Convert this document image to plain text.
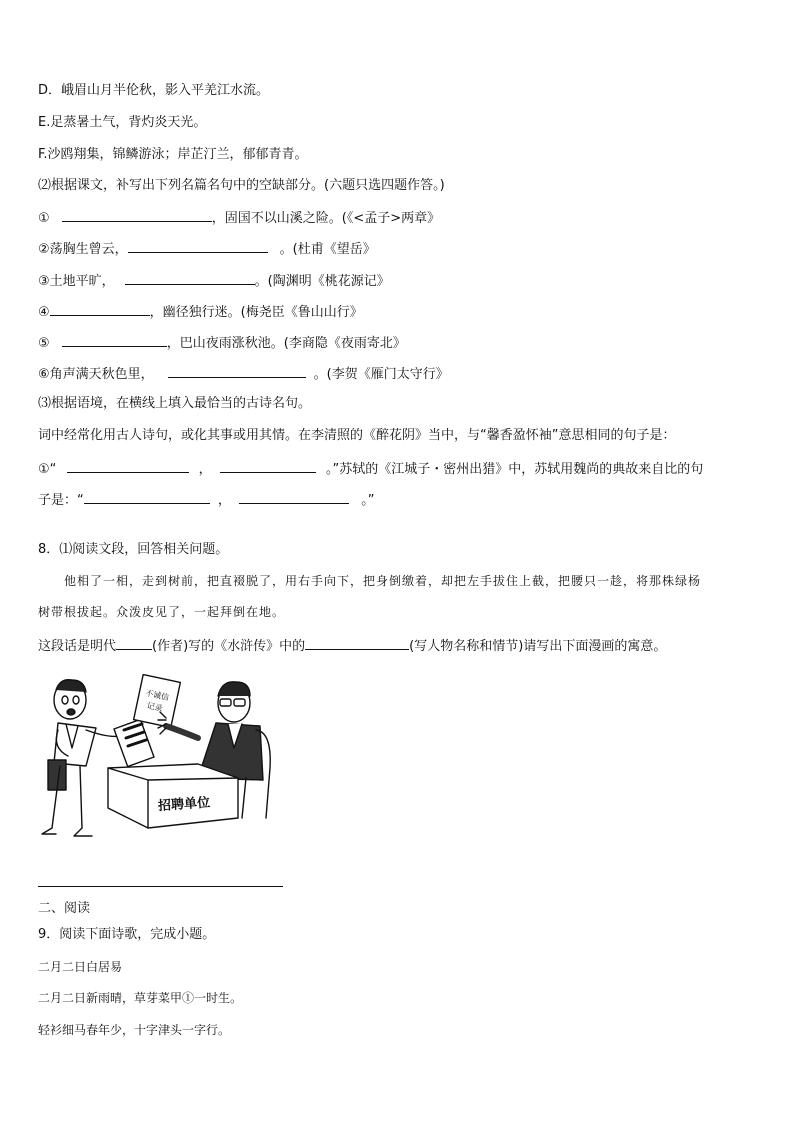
D．峨眉山月半伦秋，影入平羌江水流。
E.足蒸暑土气，背灼炎天光。
F.沙鸥翔集，锦鳞游泳；岸芷汀兰，郁郁青青。
⑵根据课文，补写出下列名篇名句中的空缺部分。(六题只选四题作答。)
①	，固国不以山溪之险。(《<孟子>两章》
②荡胸生曾云，	。(杜甫《望岳》
③土地平旷，	。(陶渊明《桃花源记》
④	，幽径独行迷。(梅尧臣《鲁山山行》
⑤	，巴山夜雨涨秋池。(李商隐《夜雨寄北》
⑥角声满天秋色里，	。(李贺《雁门太守行》
⑶根据语境，在横线上填入最恰当的古诗名句。
词中经常化用古人诗句，或化其事或用其情。在李清照的《醉花阴》当中，与“馨香盈怀袖”意思相同的句子是：
①“	，	。”苏轼的《江城子・密州出猎》中，苏轼用魏尚的典故来自比的句
子是：“	，	。”
8．⑴阅读文段，回答相关问题。
他相了一相，走到树前，把直裰脱了，用右手向下，把身倒缴着，却把左手拔住上截，把腰只一趁，将那株绿杨
树带根拔起。众泼皮见了，一起拜倒在地。
这段话是明代	(作者)写的《水浒传》中的	(写人物名称和情节)请写出下面漫画的寓意。
不诚信
记录
招聘单位
二、阅读
9．阅读下面诗歌，完成小题。
二月二日白居易
二月二日新雨晴，草芽菜甲①一时生。
轻衫细马春年少，十字津头一字行。
